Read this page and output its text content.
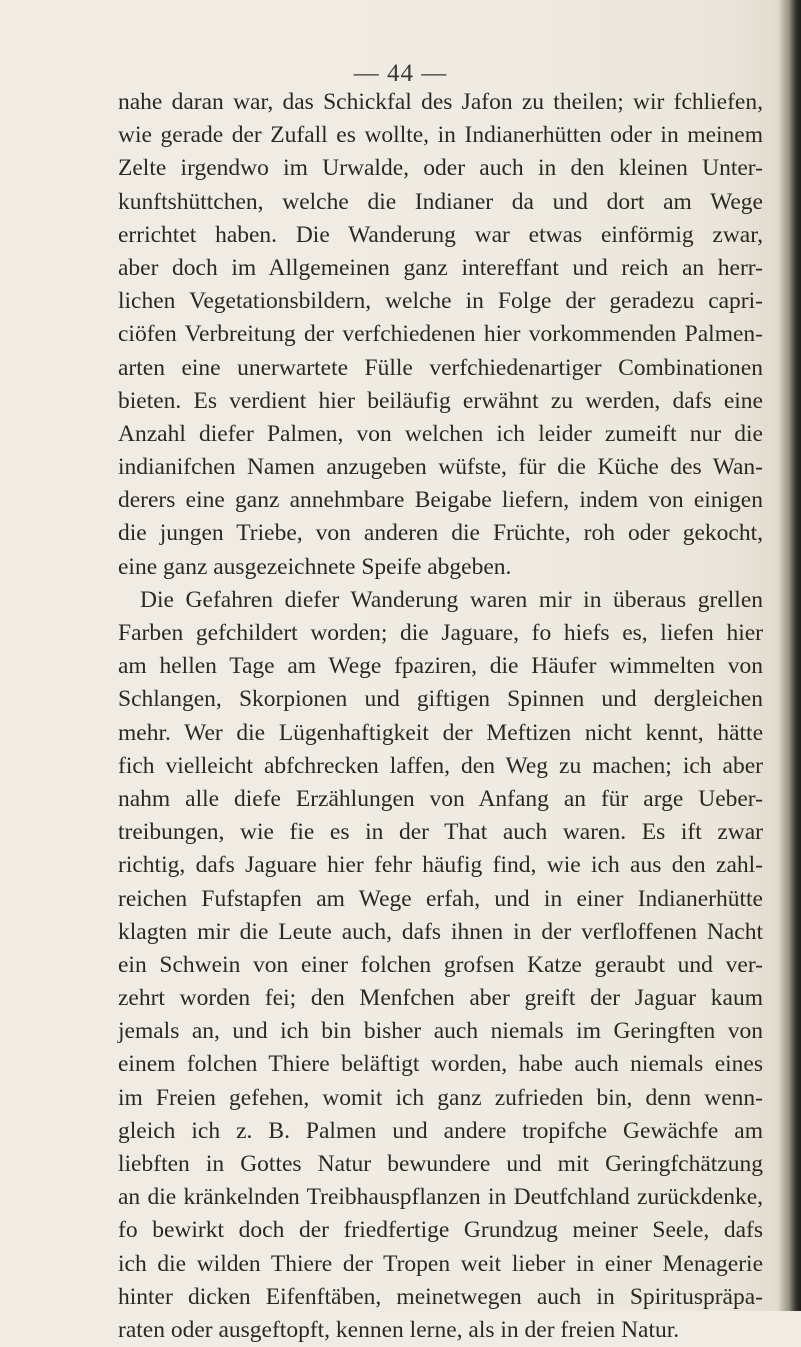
— 44 —
nahe daran war, das Schickfal des Jafon zu theilen; wir fchliefen,
wie gerade der Zufall es wollte, in Indianerhütten oder in meinem
Zelte irgendwo im Urwalde, oder auch in den kleinen Unter-
kunftshüttchen, welche die Indianer da und dort am Wege
errichtet haben. Die Wanderung war etwas einförmig zwar,
aber doch im Allgemeinen ganz intereffant und reich an herr-
lichen Vegetationsbildern, welche in Folge der geradezu capri-
ciöfen Verbreitung der verfchiedenen hier vorkommenden Palmen-
arten eine unerwartete Fülle verfchiedenartiger Combinationen
bieten. Es verdient hier beiläufig erwähnt zu werden, dafs eine
Anzahl diefer Palmen, von welchen ich leider zumeift nur die
indianifchen Namen anzugeben wüfste, für die Küche des Wan-
derers eine ganz annehmbare Beigabe liefern, indem von einigen
die jungen Triebe, von anderen die Früchte, roh oder gekocht,
eine ganz ausgezeichnete Speife abgeben.
Die Gefahren diefer Wanderung waren mir in überaus grellen
Farben gefchildert worden; die Jaguare, fo hiefs es, liefen hier
am hellen Tage am Wege fpaziren, die Häufer wimmelten von
Schlangen, Skorpionen und giftigen Spinnen und dergleichen
mehr. Wer die Lügenhaftigkeit der Meftizen nicht kennt, hätte
fich vielleicht abfchrecken laffen, den Weg zu machen; ich aber
nahm alle diefe Erzählungen von Anfang an für arge Ueber-
treibungen, wie fie es in der That auch waren. Es ift zwar
richtig, dafs Jaguare hier fehr häufig find, wie ich aus den zahl-
reichen Fufstapfen am Wege erfah, und in einer Indianerhütte
klagten mir die Leute auch, dafs ihnen in der verfloffenen Nacht
ein Schwein von einer folchen grofsen Katze geraubt und ver-
zehrt worden fei; den Menfchen aber greift der Jaguar kaum
jemals an, und ich bin bisher auch niemals im Geringften von
einem folchen Thiere beläftigt worden, habe auch niemals eines
im Freien gefehen, womit ich ganz zufrieden bin, denn wenn-
gleich ich z. B. Palmen und andere tropifche Gewächfe am
liebften in Gottes Natur bewundere und mit Geringfchätzung
an die kränkelnden Treibhauspflanzen in Deutfchland zurückdenke,
fo bewirkt doch der friedfertige Grundzug meiner Seele, dafs
ich die wilden Thiere der Tropen weit lieber in einer Menagerie
hinter dicken Eifenftäben, meinetwegen auch in Spirituspräpa-
raten oder ausgeftopft, kennen lerne, als in der freien Natur.
